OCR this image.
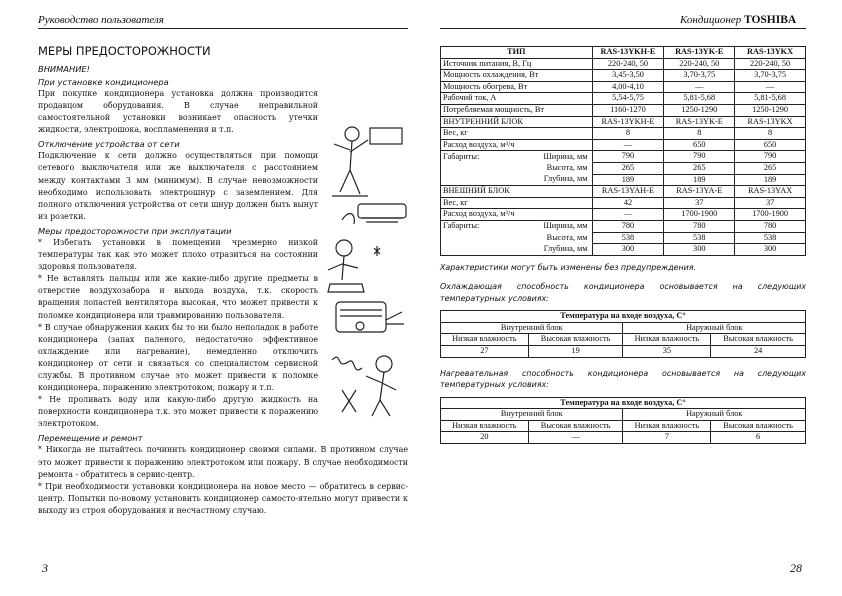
Руководство пользователя	Кондиционер TOSHIBA
МЕРЫ ПРЕДОСТОРОЖНОСТИ
ВНИМАНИЕ!
При установке кондиционера

При покупке кондиционера установка должна производится продавцом оборудования. В случае неправильной самостоятельной установки возникает опасность утечки жидкости, электрошока, воспламенения и т.п.

Отключение устройства от сети

Подключение к сети должно осуществляться при помощи сетевого выключателя или же выключателя с расстоянием между контактами 3 мм (минимум). В случае невозможности необходимо использовать электрошнур с заземлением. Для полного отключения устройства от сети шнур должен быть вынут из розетки.

Меры предосторожности при эксплуатации

* Избегать установки в помещении чрезмерно низкой температуры так как это может плохо отразиться на состоянии здоровья пользователя.

* Не вставлять пальцы или же какие-либо другие предметы в отверстие воздухозабора и выхода воздуха, т.к. скорость вращения лопастей вентилятора высокая, что может привести к поломке кондиционера или травмированию пользователя.

* В случае обнаружения каких бы то ни было неполадок в работе кондиционера (запах паленого, недостаточно эффективное охлаждение или нагревание), немедленно отключить кондиционер от сети и связаться со специалистом сервисной службы. В противном случае это может привести к поломке кондиционера, поражению электротоком, пожару и т.п.

* Не проливать воду или какую-либо другую жидкость на поверхности кондиционера т.к. это может привести к поражению электротоком.

Перемещение и ремонт

* Никогда не пытайтесь починить кондиционер своими силами. В противном случае это может привести к поражению электротоком или пожару. В случае необходимости ремонта - обратитесь в сервис-центр.

* При необходимости установки кондиционера на новое место — обратитесь в сервис-центр. Попытки по-новому установить кондиционер самосто-ятельно могут привести к выходу из строя оборудования и несчастному случаю.

3	28
ТИП	RAS-13YKH-E	RAS-13YK-E	RAS-13YKX
Источник питания, В, Гц	220-240, 50	220-240, 50	220-240, 50
Мощность охлаждения, Вт	3,45-3,50	3,70-3,75	3,70-3,75
Мощность обогрева, Вт	4,00-4,10	—	—
Рабочий ток, А	5,54-5,75	5,81-5,68	5,81-5,68
Потребляемая мощность, Вт	1160-1270	1250-1290	1250-1290
ВНУТРЕННИЙ БЛОК	RAS-13YKH-E	RAS-13YK-E	RAS-13YKX
Вес, кг	8	8	8
Расход воздуха, м³/ч	—	650	650
Габариты: Ширина, мм	790	790	790
Высота, мм	265	265	265
Глубина, мм	189	189	189
ВНЕШНИЙ БЛОК	RAS-13YAH-E	RAS-13YA-E	RAS-13YAX
Вес, кг	42	37	37
Расход воздуха, м³/ч	—	1700-1900	1700-1900
Габариты: Ширина, мм	780	780	780
Высота, мм	538	538	538
Глубина, мм	300	300	300
Характеристики могут быть изменены без предупреждения.
Охлаждающая способность кондиционера основывается на следующих температурных условиях:
Температура на входе воздуха, C°			
Внутренний блок		Наружный блок	
Низкая влажность	Высокая влажность	Низкая влажность	Высокая влажность
27	19	35	24
Нагревательная способность кондиционера основывается на следующих температурных условиях:
Температура на входе воздуха, C°			
Внутренний блок		Наружный блок	
Низкая влажность	Высокая влажность	Низкая влажность	Высокая влажность
20	—	7	6
